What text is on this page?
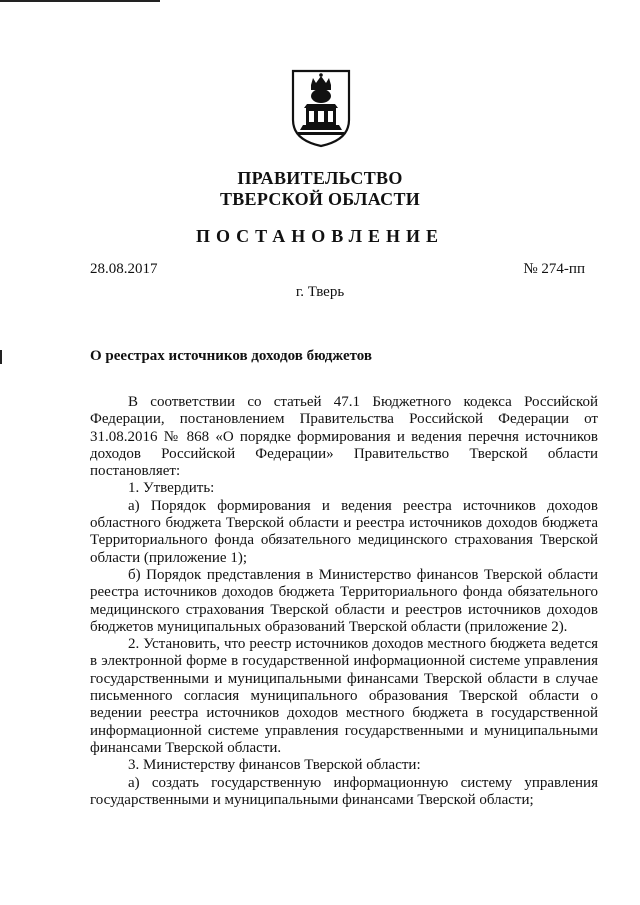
ПРАВИТЕЛЬСТВО
ТВЕРСКОЙ ОБЛАСТИ
ПОСТАНОВЛЕНИЕ
28.08.2017	№ 274-пп
г. Тверь
О реестрах источников доходов бюджетов

В соответствии со статьей 47.1 Бюджетного кодекса Российской Федерации, постановлением Правительства Российской Федерации от 31.08.2016 № 868 «О порядке формирования и ведения перечня источников доходов Российской Федерации» Правительство Тверской области постановляет:

1. Утвердить:

а) Порядок формирования и ведения реестра источников доходов областного бюджета Тверской области и реестра источников доходов бюджета Территориального фонда обязательного медицинского страхования Тверской области (приложение 1);

б) Порядок представления в Министерство финансов Тверской области реестра источников доходов бюджета Территориального фонда обязательного медицинского страхования Тверской области и реестров источников доходов бюджетов муниципальных образований Тверской области (приложение 2).

2. Установить, что реестр источников доходов местного бюджета ведется в электронной форме в государственной информационной системе управления государственными и муниципальными финансами Тверской области в случае письменного согласия муниципального образования Тверской области о ведении реестра источников доходов местного бюджета в государственной информационной системе управления государственными и муниципальными финансами Тверской области.

3. Министерству финансов Тверской области:

а) создать государственную информационную систему управления государственными и муниципальными финансами Тверской области;
